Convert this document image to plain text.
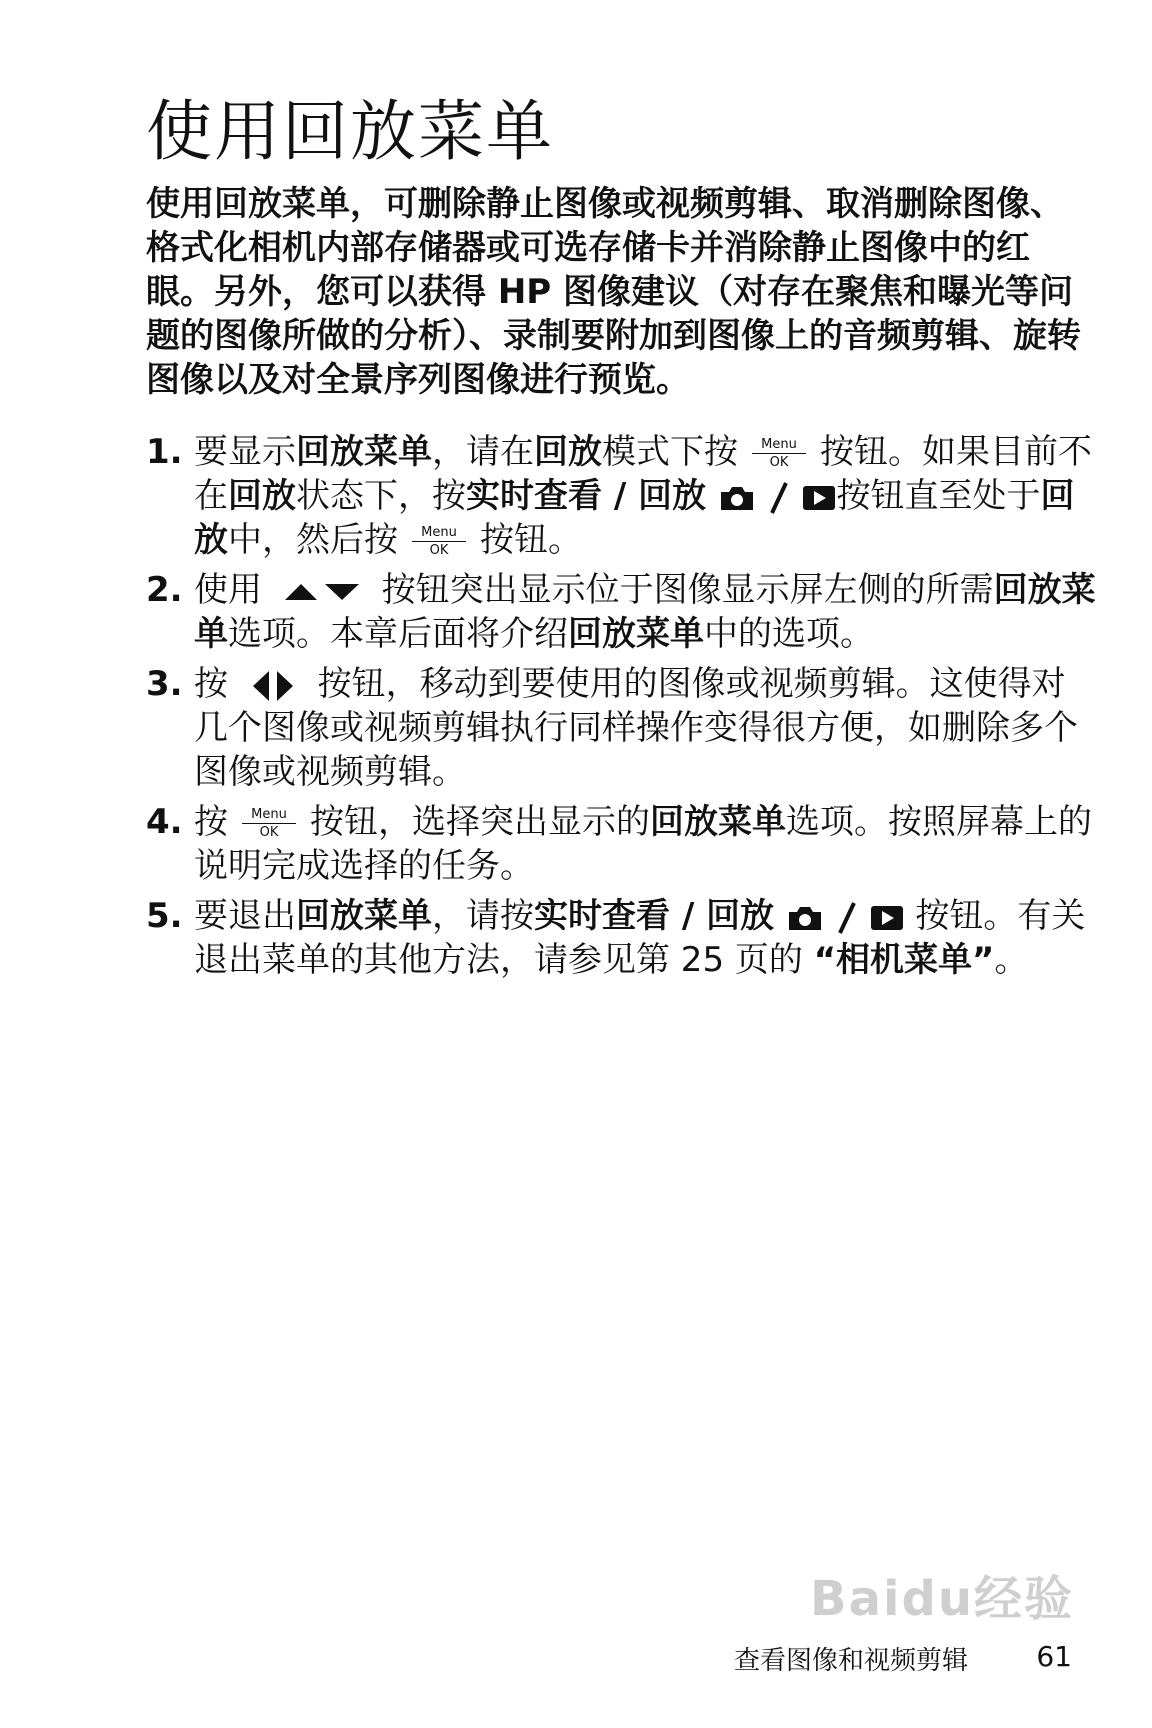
使用回放菜单

使用回放菜单，可删除静止图像或视频剪辑、取消删除图像、格式化相机内部存储器或可选存储卡并消除静止图像中的红眼。另外，您可以获得 HP 图像建议（对存在聚焦和曝光等问题的图像所做的分析）、录制要附加到图像上的音频剪辑、旋转图像以及对全景序列图像进行预览。

1. 要显示回放菜单，请在回放模式下按	Menu
OK 按钮。如果目前不在回放状态下，按实时查看 / 回放	按钮直至处于回放中，然后按	Menu
OK 按钮。
2. 使用	按钮突出显示位于图像显示屏左侧的所需回放菜单选项。本章后面将介绍回放菜单中的选项。
3. 按	按钮，移动到要使用的图像或视频剪辑。这使得对几个图像或视频剪辑执行同样操作变得很方便，如删除多个图像或视频剪辑。
4. 按	Menu
OK 按钮，选择突出显示的回放菜单选项。按照屏幕上的说明完成选择的任务。
5. 要退出回放菜单，请按实时查看 / 回放	按钮。有关退出菜单的其他方法，请参见第 25 页的 “相机菜单”。
Baidu经验
查看图像和视频剪辑 61
